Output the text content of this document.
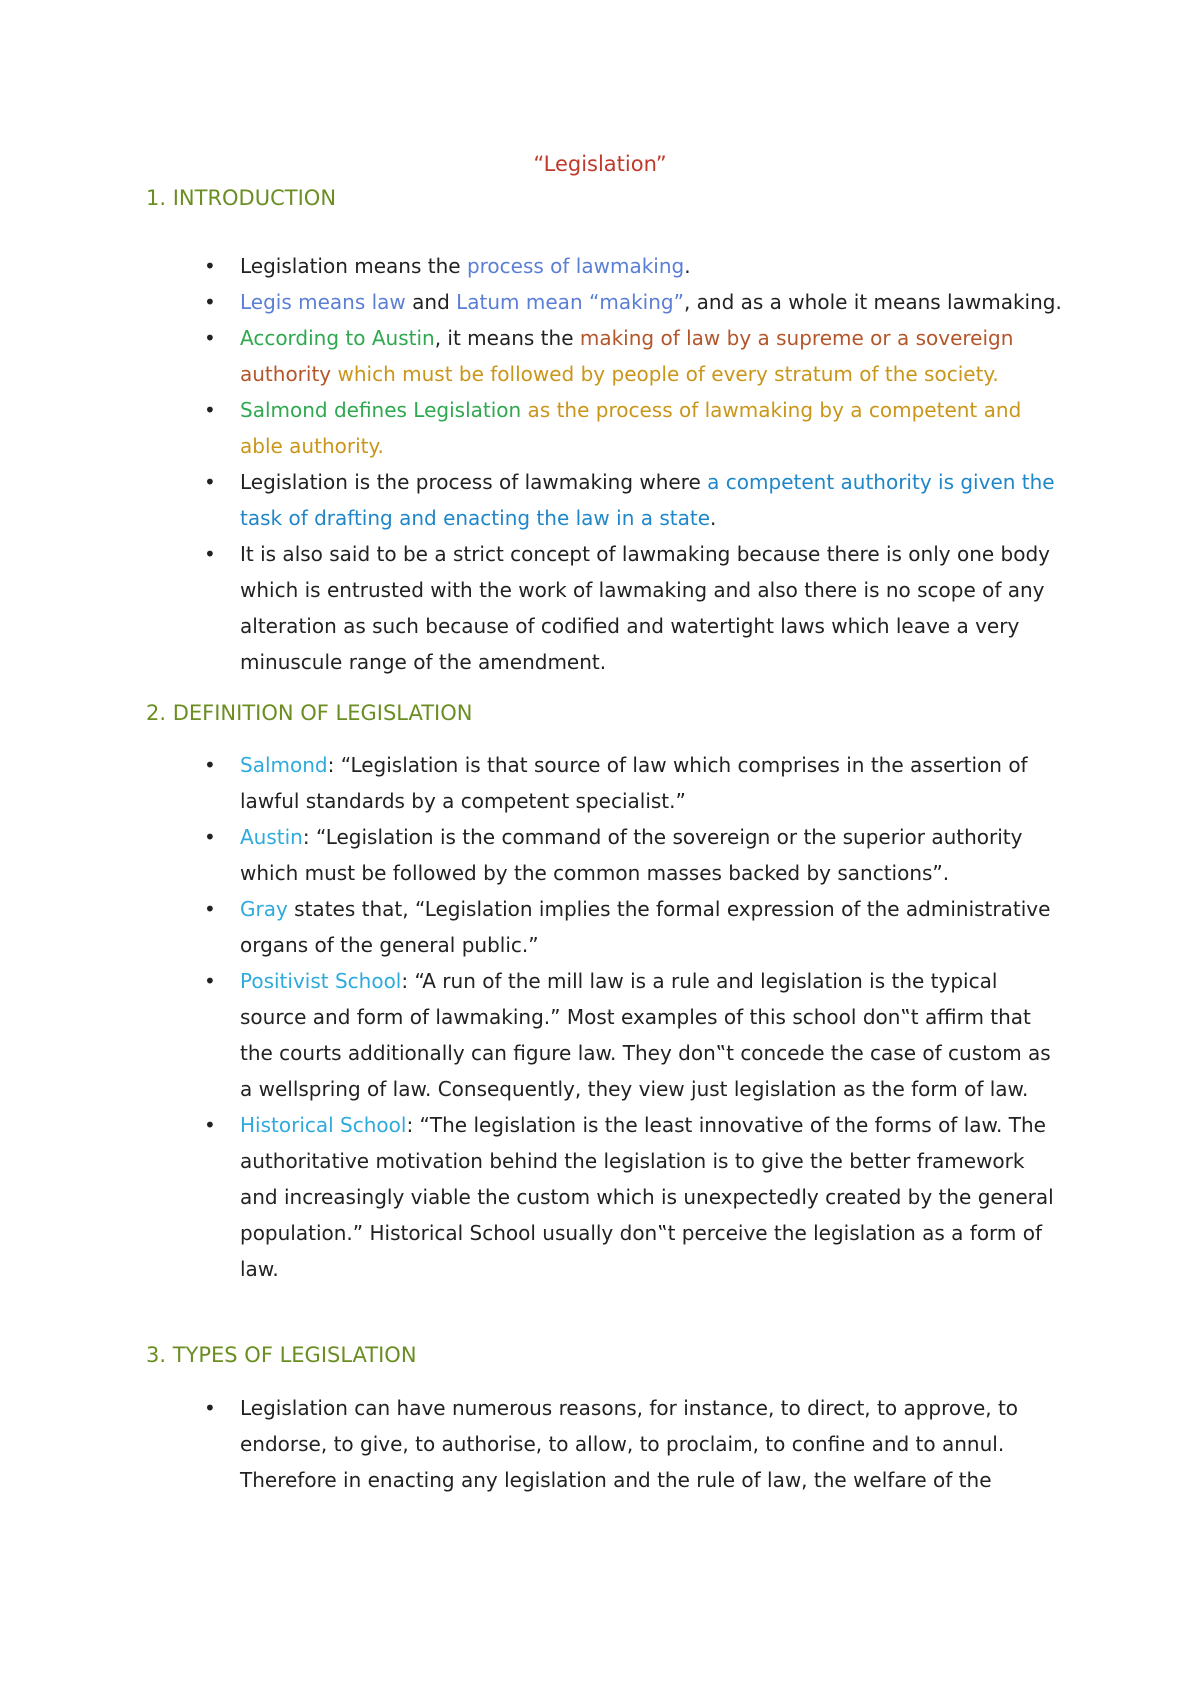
“Legislation”
1. INTRODUCTION
• Legislation means the process of lawmaking.
• Legis means law and Latum mean “making”, and as a whole it means lawmaking.
• According to Austin, it means the making of law by a supreme or a sovereign authority which must be followed by people of every stratum of the society.
• Salmond defines Legislation as the process of lawmaking by a competent and able authority.
• Legislation is the process of lawmaking where a competent authority is given the task of drafting and enacting the law in a state.
• It is also said to be a strict concept of lawmaking because there is only one body which is entrusted with the work of lawmaking and also there is no scope of any alteration as such because of codified and watertight laws which leave a very minuscule range of the amendment.
2. DEFINITION OF LEGISLATION
• Salmond: “Legislation is that source of law which comprises in the assertion of lawful standards by a competent specialist.”
• Austin: “Legislation is the command of the sovereign or the superior authority which must be followed by the common masses backed by sanctions”.
• Gray states that, “Legislation implies the formal expression of the administrative organs of the general public.”
• Positivist School: “A run of the mill law is a rule and legislation is the typical source and form of lawmaking.” Most examples of this school don‟t affirm that the courts additionally can figure law. They don‟t concede the case of custom as a wellspring of law. Consequently, they view just legislation as the form of law.
• Historical School: “The legislation is the least innovative of the forms of law. The authoritative motivation behind the legislation is to give the better framework and increasingly viable the custom which is unexpectedly created by the general population.” Historical School usually don‟t perceive the legislation as a form of law.
3. TYPES OF LEGISLATION
• Legislation can have numerous reasons, for instance, to direct, to approve, to endorse, to give, to authorise, to allow, to proclaim, to confine and to annul. Therefore in enacting any legislation and the rule of law, the welfare of the
